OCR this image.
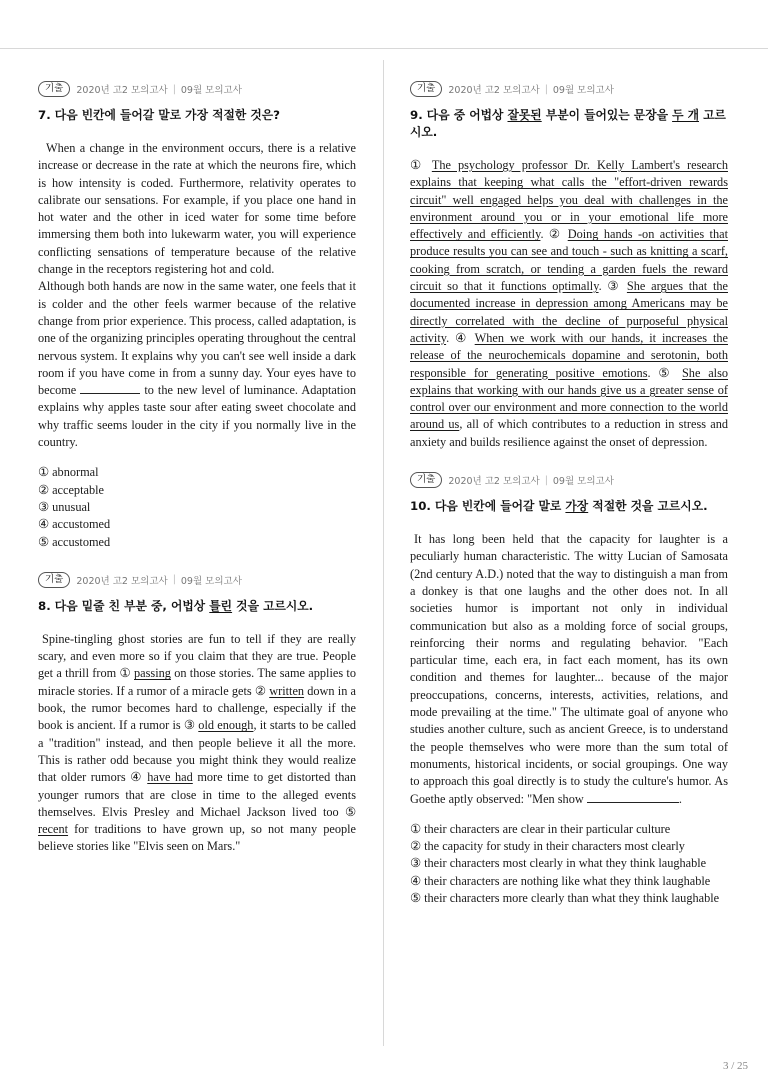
기출	2020년 고2 모의고사 | 09월 모의고사

7. 다음 빈칸에 들어갈 말로 가장 적절한 것은?

When a change in the environment occurs, there is a relative increase or decrease in the rate at which the neurons fire, which is how intensity is coded. Furthermore, relativity operates to calibrate our sensations. For example, if you place one hand in hot water and the other in iced water for some time before immersing them both into lukewarm water, you will experience conflicting sensations of temperature because of the relative change in the receptors registering hot and cold.
Although both hands are now in the same water, one feels that it is colder and the other feels warmer because of the relative change from prior experience. This process, called adaptation, is one of the organizing principles operating throughout the central nervous system. It explains why you can't see well inside a dark room if you have come in from a sunny day. Your eyes have to become	to the new level of luminance. Adaptation explains why apples taste sour after eating sweet chocolate and why traffic seems louder in the city if you normally live in the country.
① abnormal
② acceptable
③ unusual
④ accustomed
⑤ accustomed
기출	2020년 고2 모의고사 | 09월 모의고사

8. 다음 밑줄 친 부분 중, 어법상 틀린 것을 고르시오.

Spine-tingling ghost stories are fun to tell if they are really scary, and even more so if you claim that they are true. People get a thrill from ① passing on those stories. The same applies to miracle stories. If a rumor of a miracle gets ② written down in a book, the rumor becomes hard to challenge, especially if the book is ancient. If a rumor is ③ old enough, it starts to be called a "tradition" instead, and then people believe it all the more. This is rather odd because you might think they would realize that older rumors ④ have had more time to get distorted than younger rumors that are close in time to the alleged events themselves. Elvis Presley and Michael Jackson lived too ⑤ recent for traditions to have grown up, so not many people believe stories like "Elvis seen on Mars."
기출	2020년 고2 모의고사 | 09월 모의고사

9. 다음 중 어법상 잘못된 부분이 들어있는 문장을 두 개 고르시오.

① The psychology professor Dr. Kelly Lambert's research explains that keeping what calls the "effort-driven rewards circuit" well engaged helps you deal with challenges in the environment around you or in your emotional life more effectively and efficiently. ② Doing hands -on activities that produce results you can see and touch - such as knitting a scarf, cooking from scratch, or tending a garden fuels the reward circuit so that it functions optimally. ③ She argues that the documented increase in depression among Americans may be directly correlated with the decline of purposeful physical activity. ④ When we work with our hands, it increases the release of the neurochemicals dopamine and serotonin, both responsible for generating positive emotions. ⑤ She also explains that working with our hands give us a greater sense of control over our environment and more connection to the world around us, all of which contributes to a reduction in stress and anxiety and builds resilience against the onset of depression.
기출	2020년 고2 모의고사 | 09월 모의고사

10. 다음 빈칸에 들어갈 말로 가장 적절한 것을 고르시오.

It has long been held that the capacity for laughter is a peculiarly human characteristic. The witty Lucian of Samosata (2nd century A.D.) noted that the way to distinguish a man from a donkey is that one laughs and the other does not. In all societies humor is important not only in individual communication but also as a molding force of social groups, reinforcing their norms and regulating behavior. "Each particular time, each era, in fact each moment, has its own condition and themes for laughter... because of the major preoccupations, concerns, interests, activities, relations, and mode prevailing at the time." The ultimate goal of anyone who studies another culture, such as ancient Greece, is to understand the people themselves who were more than the sum total of monuments, historical incidents, or social groupings. One way to approach this goal directly is to study the culture's humor. As Goethe aptly observed: "Men show	.
① their characters are clear in their particular culture
② the capacity for study in their characters most clearly
③ their characters most clearly in what they think laughable
④ their characters are nothing like what they think laughable
⑤ their characters more clearly than what they think laughable
3 / 25
